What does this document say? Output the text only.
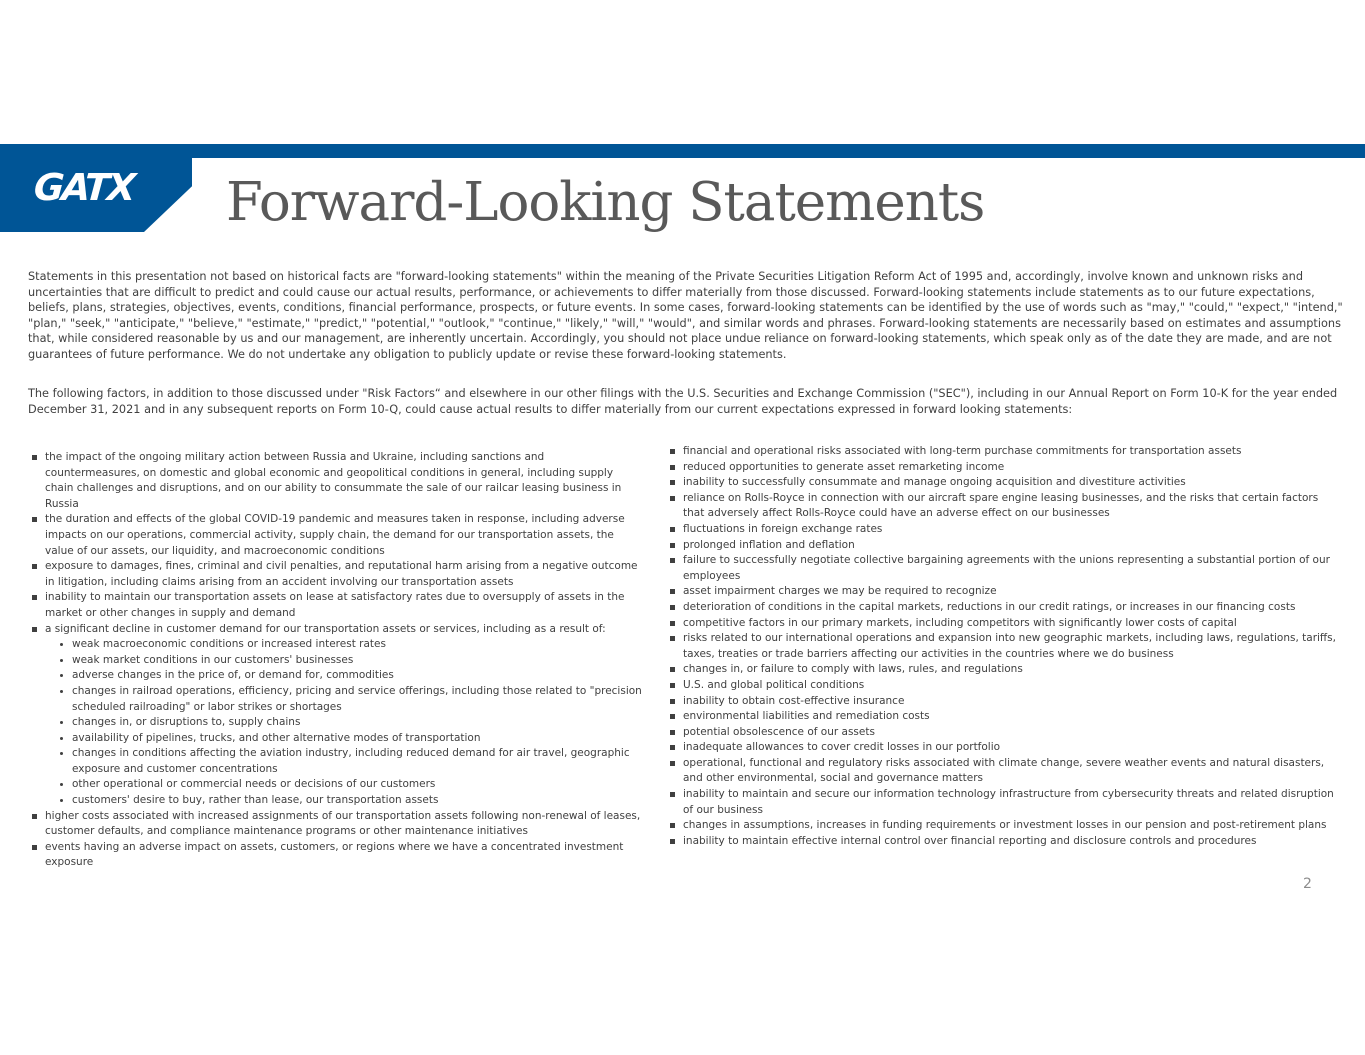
GATX Forward-Looking Statements

Statements in this presentation not based on historical facts are "forward-looking statements" within the meaning of the Private Securities Litigation Reform Act of 1995 and, accordingly, involve known and unknown risks and uncertainties that are difficult to predict and could cause our actual results, performance, or achievements to differ materially from those discussed. Forward-looking statements include statements as to our future expectations, beliefs, plans, strategies, objectives, events, conditions, financial performance, prospects, or future events. In some cases, forward-looking statements can be identified by the use of words such as "may," "could," "expect," "intend," "plan," "seek," "anticipate," "believe," "estimate," "predict," "potential," "outlook," "continue," "likely," "will," "would", and similar words and phrases. Forward-looking statements are necessarily based on estimates and assumptions that, while considered reasonable by us and our management, are inherently uncertain. Accordingly, you should not place undue reliance on forward-looking statements, which speak only as of the date they are made, and are not guarantees of future performance. We do not undertake any obligation to publicly update or revise these forward-looking statements.

The following factors, in addition to those discussed under "Risk Factors“ and elsewhere in our other filings with the U.S. Securities and Exchange Commission ("SEC"), including in our Annual Report on Form 10-K for the year ended December 31, 2021 and in any subsequent reports on Form 10-Q, could cause actual results to differ materially from our current expectations expressed in forward looking statements:

the impact of the ongoing military action between Russia and Ukraine, including sanctions and countermeasures, on domestic and global economic and geopolitical conditions in general, including supply chain challenges and disruptions, and on our ability to consummate the sale of our railcar leasing business in Russia
the duration and effects of the global COVID-19 pandemic and measures taken in response, including adverse impacts on our operations, commercial activity, supply chain, the demand for our transportation assets, the value of our assets, our liquidity, and macroeconomic conditions
exposure to damages, fines, criminal and civil penalties, and reputational harm arising from a negative outcome in litigation, including claims arising from an accident involving our transportation assets
inability to maintain our transportation assets on lease at satisfactory rates due to oversupply of assets in the market or other changes in supply and demand
a significant decline in customer demand for our transportation assets or services, including as a result of:
weak macroeconomic conditions or increased interest rates
weak market conditions in our customers' businesses
adverse changes in the price of, or demand for, commodities
changes in railroad operations, efficiency, pricing and service offerings, including those related to "precision scheduled railroading" or labor strikes or shortages
changes in, or disruptions to, supply chains
availability of pipelines, trucks, and other alternative modes of transportation
changes in conditions affecting the aviation industry, including reduced demand for air travel, geographic exposure and customer concentrations
other operational or commercial needs or decisions of our customers
customers' desire to buy, rather than lease, our transportation assets
higher costs associated with increased assignments of our transportation assets following non-renewal of leases, customer defaults, and compliance maintenance programs or other maintenance initiatives
events having an adverse impact on assets, customers, or regions where we have a concentrated investment exposure
financial and operational risks associated with long-term purchase commitments for transportation assets
reduced opportunities to generate asset remarketing income
inability to successfully consummate and manage ongoing acquisition and divestiture activities
reliance on Rolls-Royce in connection with our aircraft spare engine leasing businesses, and the risks that certain factors that adversely affect Rolls-Royce could have an adverse effect on our businesses
fluctuations in foreign exchange rates
prolonged inflation and deflation
failure to successfully negotiate collective bargaining agreements with the unions representing a substantial portion of our employees
asset impairment charges we may be required to recognize
deterioration of conditions in the capital markets, reductions in our credit ratings, or increases in our financing costs
competitive factors in our primary markets, including competitors with significantly lower costs of capital
risks related to our international operations and expansion into new geographic markets, including laws, regulations, tariffs, taxes, treaties or trade barriers affecting our activities in the countries where we do business
changes in, or failure to comply with laws, rules, and regulations
U.S. and global political conditions
inability to obtain cost-effective insurance
environmental liabilities and remediation costs
potential obsolescence of our assets
inadequate allowances to cover credit losses in our portfolio
operational, functional and regulatory risks associated with climate change, severe weather events and natural disasters, and other environmental, social and governance matters
inability to maintain and secure our information technology infrastructure from cybersecurity threats and related disruption of our business
changes in assumptions, increases in funding requirements or investment losses in our pension and post-retirement plans
inability to maintain effective internal control over financial reporting and disclosure controls and procedures
2
